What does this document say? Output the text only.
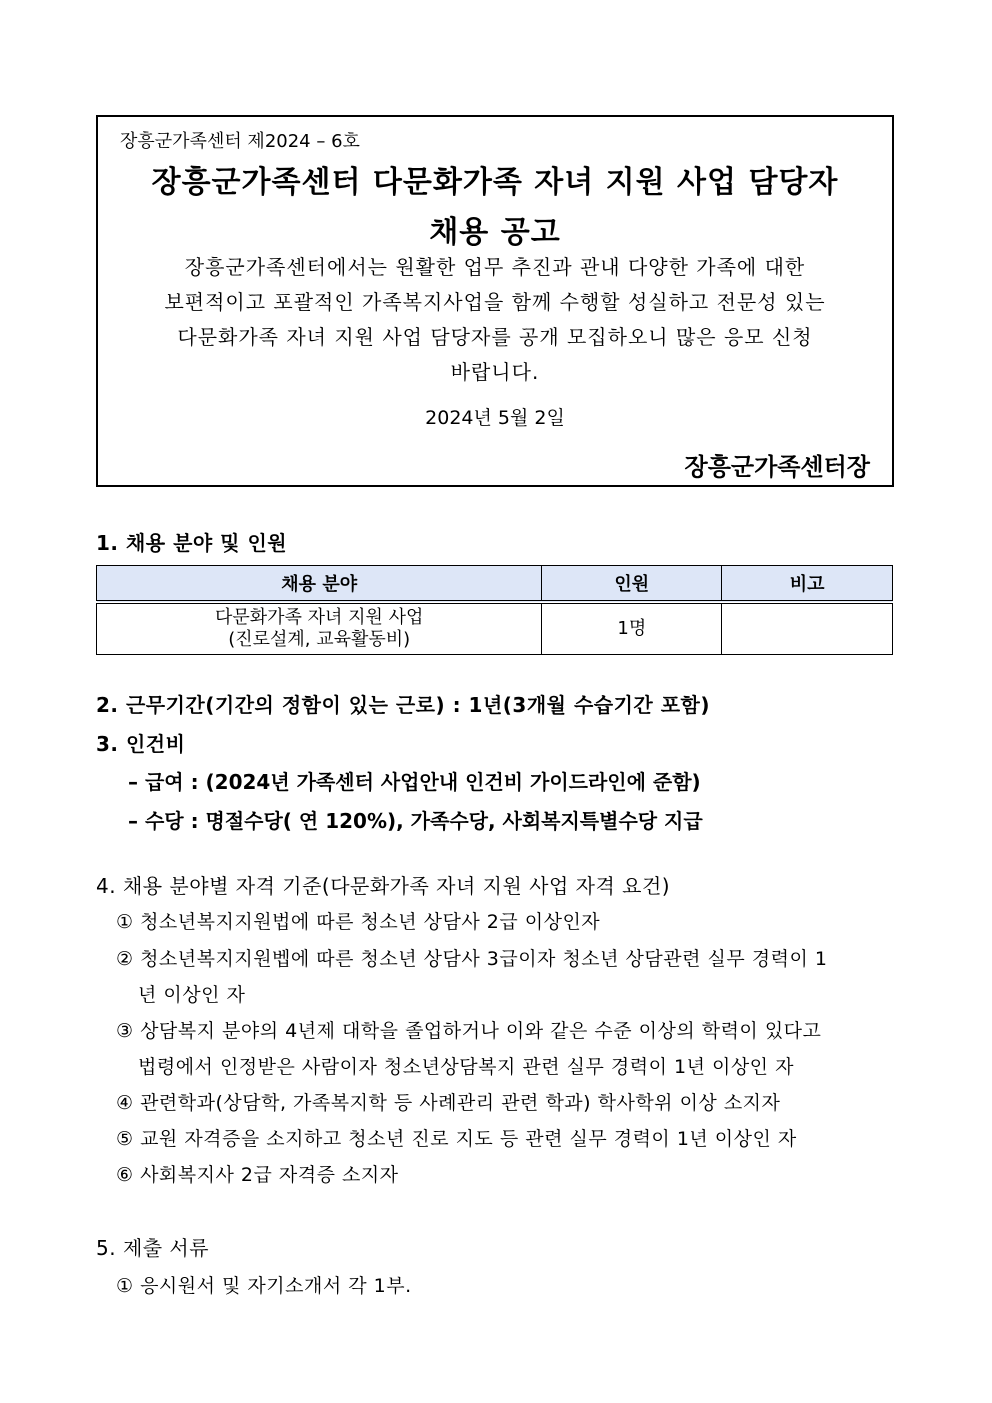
장흥군가족센터 제2024 – 6호
장흥군가족센터 다문화가족 자녀 지원 사업 담당자
채용 공고
장흥군가족센터에서는 원활한 업무 추진과 관내 다양한 가족에 대한
보편적이고 포괄적인 가족복지사업을 함께 수행할 성실하고 전문성 있는
다문화가족 자녀 지원 사업 담당자를 공개 모집하오니 많은 응모 신청
바랍니다.
2024년 5월 2일
장흥군가족센터장
1. 채용 분야 및 인원
채용 분야	인원	비고

다문화가족 자녀 지원 사업
(진로설계, 교육활동비)	1명	
2. 근무기간(기간의 정함이 있는 근로) : 1년(3개월 수습기간 포함)
3. 인건비
– 급여 : (2024년 가족센터 사업안내 인건비 가이드라인에 준함)
– 수당 : 명절수당( 연 120%), 가족수당, 사회복지특별수당 지급
4. 채용 분야별 자격 기준(다문화가족 자녀 지원 사업 자격 요건)
① 청소년복지지원법에 따른 청소년 상담사 2급 이상인자
② 청소년복지지원벱에 따른 청소년 상담사 3급이자 청소년 상담관련 실무 경력이 1
년 이상인 자
③ 상담복지 분야의 4년제 대학을 졸업하거나 이와 같은 수준 이상의 학력이 있다고
법령에서 인정받은 사람이자 청소년상담복지 관련 실무 경력이 1년 이상인 자
④ 관련학과(상담학, 가족복지학 등 사례관리 관련 학과) 학사학위 이상 소지자
⑤ 교원 자격증을 소지하고 청소년 진로 지도 등 관련 실무 경력이 1년 이상인 자
⑥ 사회복지사 2급 자격증 소지자
5. 제출 서류
① 응시원서 및 자기소개서 각 1부.
